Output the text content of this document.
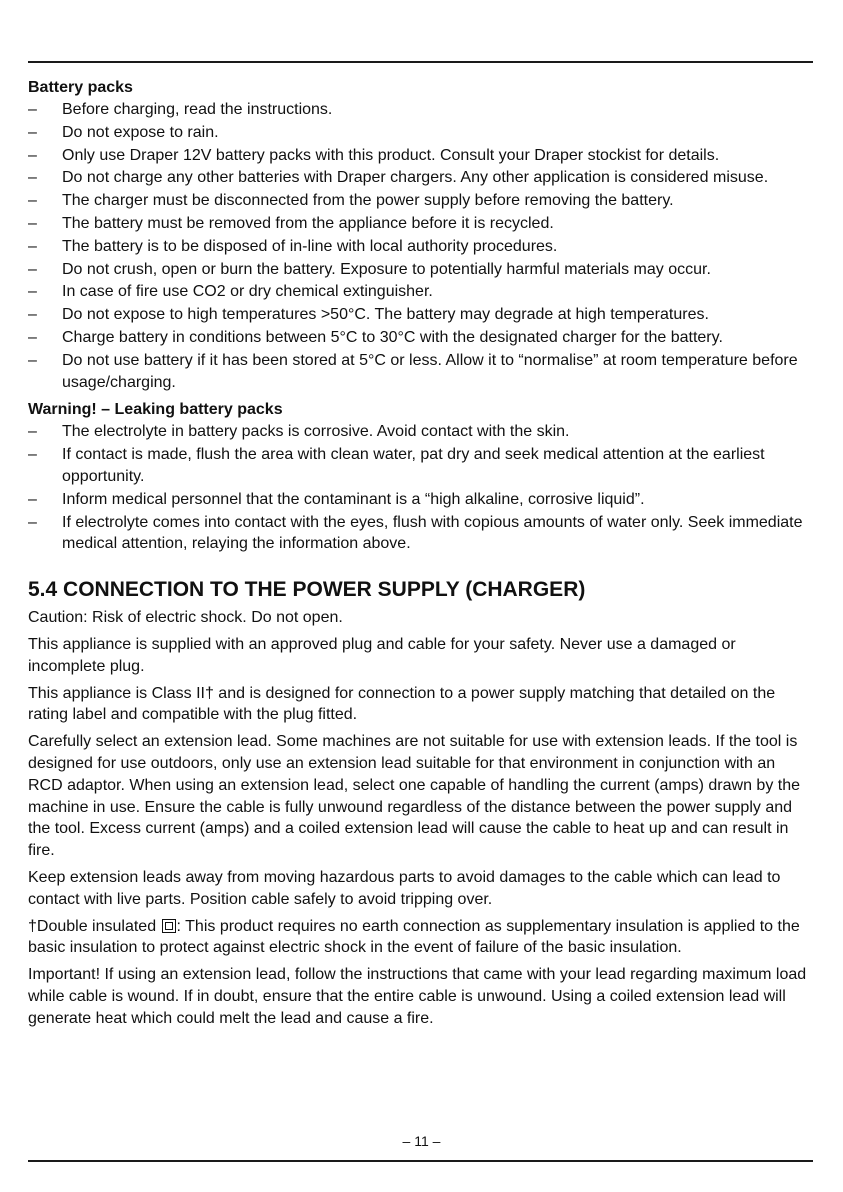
Battery packs
–	Before charging, read the instructions.
–	Do not expose to rain.
–	Only use Draper 12V battery packs with this product. Consult your Draper stockist for details.
–	Do not charge any other batteries with Draper chargers. Any other application is considered misuse.
–	The charger must be disconnected from the power supply before removing the battery.
–	The battery must be removed from the appliance before it is recycled.
–	The battery is to be disposed of in-line with local authority procedures.
–	Do not crush, open or burn the battery. Exposure to potentially harmful materials may occur.
–	In case of fire use CO2 or dry chemical extinguisher.
–	Do not expose to high temperatures >50°C. The battery may degrade at high temperatures.
–	Charge battery in conditions between 5°C to 30°C with the designated charger for the battery.
–	Do not use battery if it has been stored at 5°C or less. Allow it to “normalise” at room temperature before usage/charging.
Warning! – Leaking battery packs
–	The electrolyte in battery packs is corrosive. Avoid contact with the skin.
–	If contact is made, flush the area with clean water, pat dry and seek medical attention at the earliest opportunity.
–	Inform medical personnel that the contaminant is a “high alkaline, corrosive liquid”.
–	If electrolyte comes into contact with the eyes, flush with copious amounts of water only. Seek immediate medical attention, relaying the information above.
5.4 CONNECTION TO THE POWER SUPPLY (CHARGER)

Caution: Risk of electric shock. Do not open.

This appliance is supplied with an approved plug and cable for your safety. Never use a damaged or incomplete plug.

This appliance is Class II† and is designed for connection to a power supply matching that detailed on the rating label and compatible with the plug fitted.

Carefully select an extension lead. Some machines are not suitable for use with extension leads. If the tool is designed for use outdoors, only use an extension lead suitable for that environment in conjunction with an RCD adaptor. When using an extension lead, select one capable of handling the current (amps) drawn by the machine in use. Ensure the cable is fully unwound regardless of the distance between the power supply and the tool. Excess current (amps) and a coiled extension lead will cause the cable to heat up and can result in fire.

Keep extension leads away from moving hazardous parts to avoid damages to the cable which can lead to contact with live parts. Position cable safely to avoid tripping over.

†Double insulated : This product requires no earth connection as supplementary insulation is applied to the basic insulation to protect against electric shock in the event of failure of the basic insulation.

Important! If using an extension lead, follow the instructions that came with your lead regarding maximum load while cable is wound. If in doubt, ensure that the entire cable is unwound. Using a coiled extension lead will generate heat which could melt the lead and cause a fire.

– 11 –
